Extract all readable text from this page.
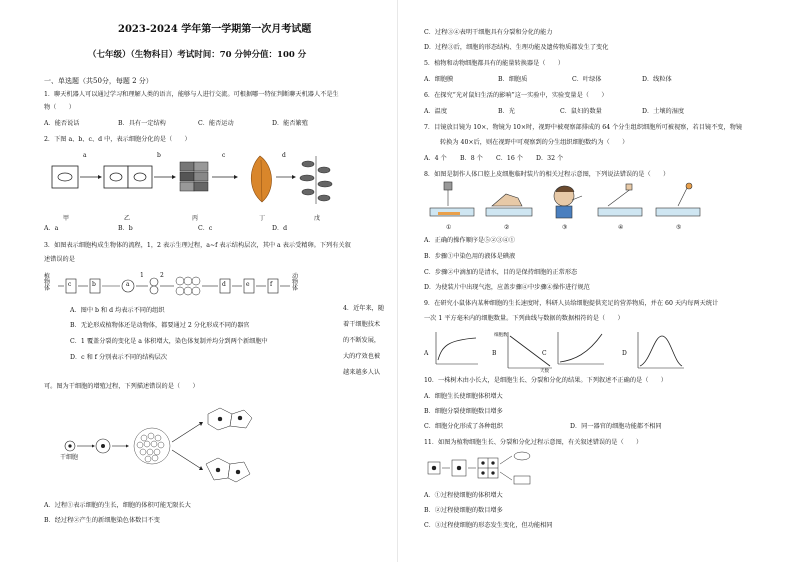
2023-2024 学年第一学期第一次月考试题
（七年级）（生物科目）考试时间：70 分钟分值：100 分
一、单选题（共50分，每题 2 分）
1．聊天机器人可以通过学习和理解人类的语言，能够与人进行交流。可根据哪一特征判断聊天机器人不是生
物（　　）
A．能否说话	B．具有一定结构	C．能否运动	D．能否繁殖
2．下图 a、b、c、d 中，表示细胞分化的是（　　）
a	b	c	d
甲	乙	丙	丁	戊
A．a	B．b	C．c	D．d
3．如图表示细胞构成生物体的流程，1，2 表示生理过程，a~f 表示结构层次，其中 a 表示受精卵。下列有关叙
述错误的是
植物体
动物体
c	b	a	d	e	f
1	2
A．图中 b 和 d 均表示不同的组织
B．无论形成植物体还是动物体，都要通过 2 分化形成不同的器官
C．1 覆盖分裂的变化是 a 体积增大，染色体复制并均分到两个新细胞中
D．c 和 f 分别表示不同的结构层次
4．近年来，随
着干细胞技术
的不断发展，
大的疗效也被
越来越多人认
可。图为干细胞的增殖过程，下列描述错误的是（　　）
干细胞
A．过程①表示细胞的生长，细胞的体积可能无限长大
B．经过程②产生的新细胞染色体数目不变
C．过程③④表明干细胞具有分裂和分化的能力
D．过程③后，细胞的形态结构、生理功能及遗传物质都发生了变化
5．植物和动物细胞都具有的能量转换器是（　　）
A．细胞膜	B．细胞质	C．叶绿体	D．线粒体
6．在探究“光对鼠妇生活的影响”这一实验中，实验变量是（　　）
A．温度	B．光	C．鼠妇的数量	D．土壤的湿度
7．目镜放目镜为 10×、物镜为 10×时，视野中被观察部排成的 64 个分生组织细胞所可被视察，若目镜不变，物镜
转换为 40×后，则在视野中可观察到的分生组织细胞数约为（　　）
A．4 个 B．8 个 C．16 个 D．32 个
8．如图是制作人体口腔上皮细胞临时装片的相关过程示意图，下列说法错误的是（　　）
①	②	③	④	⑤
A．正确的操作顺序是⑤②③④①
B．步骤①中染色用的液体是碘液
C．步骤②中滴加的是清水，目的是保持细胞的正常形态
D．为使装片中出现气泡，应盖步骤④中步骤④操作进行规范
9．在研究小鼠体内某种细胞的生长速度时，科研人员给细胞提供充足的营养物质，并在 60 天内每两天统计
一次 1 平方毫米内的细胞数量。下列曲线与数据的数据相符的是（　　）
A	B	C	D
细胞数
天数
10．一株树木由小长大，是细胞生长、分裂和分化的结果。下列叙述不正确的是（　　）
A．细胞生长使细胞体积增大
B．细胞分裂使细胞数目增多
C．细胞分化形成了各种组织	D．同一器官的细胞功能都不相同
11．如图为植物细胞生长、分裂和分化过程示意图，有关叙述错误的是（　　）
A．①过程使细胞的体积增大
B．②过程使细胞的数目增多
C．③过程使细胞的形态发生变化，但功能相同
